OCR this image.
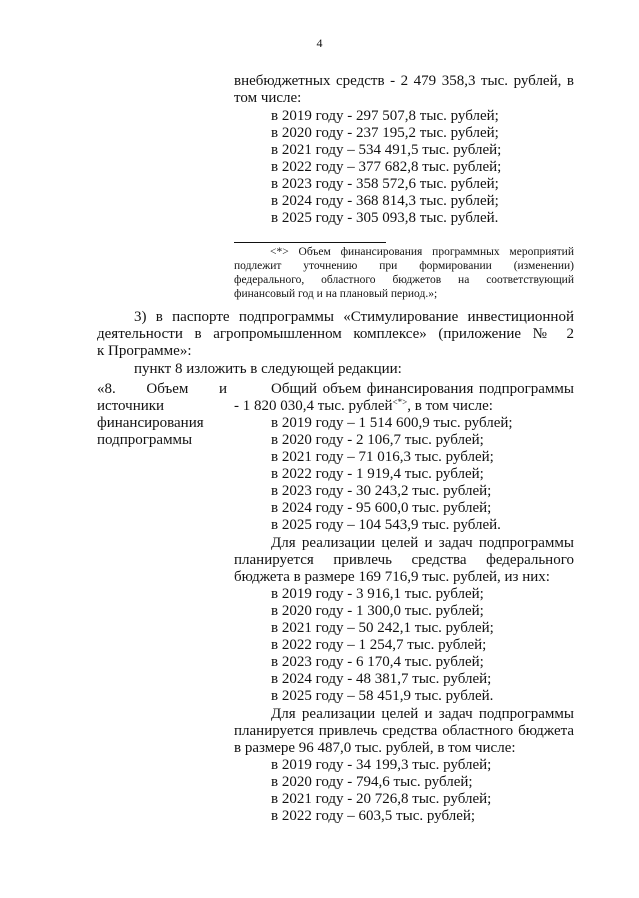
4
внебюджетных средств - 2 479 358,3 тыс. рублей, в
том числе:
в 2019 году - 297 507,8 тыс. рублей;
в 2020 году - 237 195,2 тыс. рублей;
в 2021 году – 534 491,5 тыс. рублей;
в 2022 году – 377 682,8 тыс. рублей;
в 2023 году - 358 572,6 тыс. рублей;
в 2024 году - 368 814,3 тыс. рублей;
в 2025 году - 305 093,8 тыс. рублей.
<*> Объем финансирования программных мероприятий
подлежит уточнению при формировании (изменении)
федерального, областного бюджетов на соответствующий
финансовый год и на плановый период.»;
3) в паспорте подпрограммы «Стимулирование инвестиционной
деятельности в агропромышленном комплексе» (приложение № 2
к Программе»:
пункт 8 изложить в следующей редакции:
«8. Объем и
источники
финансирования
подпрограммы
Общий объем финансирования подпрограммы
- 1 820 030,4 тыс. рублей<*>, в том числе:
в 2019 году – 1 514 600,9 тыс. рублей;
в 2020 году - 2 106,7 тыс. рублей;
в 2021 году – 71 016,3 тыс. рублей;
в 2022 году - 1 919,4 тыс. рублей;
в 2023 году - 30 243,2 тыс. рублей;
в 2024 году - 95 600,0 тыс. рублей;
в 2025 году – 104 543,9 тыс. рублей.
Для реализации целей и задач подпрограммы
планируется привлечь средства федерального
бюджета в размере 169 716,9 тыс. рублей, из них:
в 2019 году - 3 916,1 тыс. рублей;
в 2020 году - 1 300,0 тыс. рублей;
в 2021 году – 50 242,1 тыс. рублей;
в 2022 году – 1 254,7 тыс. рублей;
в 2023 году - 6 170,4 тыс. рублей;
в 2024 году - 48 381,7 тыс. рублей;
в 2025 году – 58 451,9 тыс. рублей.
Для реализации целей и задач подпрограммы
планируется привлечь средства областного бюджета
в размере 96 487,0 тыс. рублей, в том числе:
в 2019 году - 34 199,3 тыс. рублей;
в 2020 году - 794,6 тыс. рублей;
в 2021 году - 20 726,8 тыс. рублей;
в 2022 году – 603,5 тыс. рублей;
